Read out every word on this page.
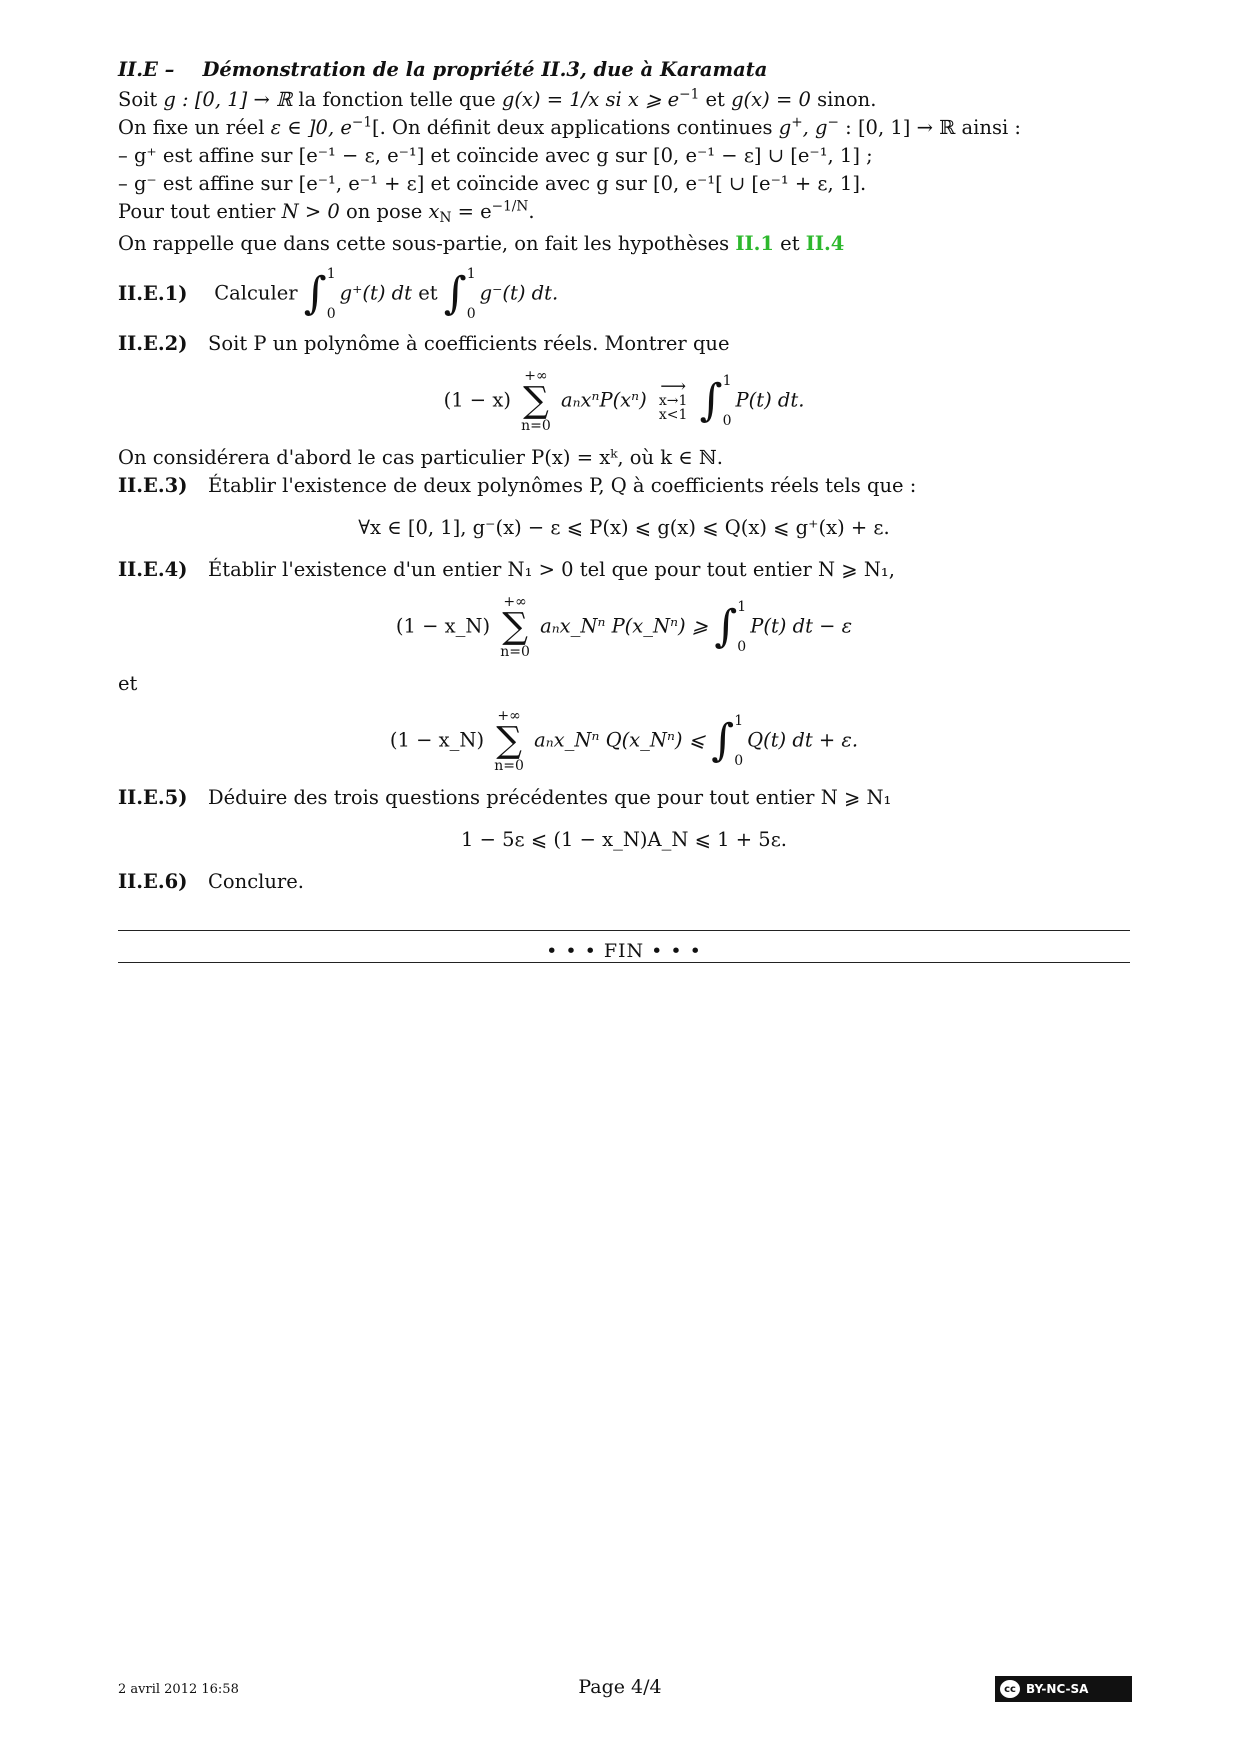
II.E – Démonstration de la propriété II.3, due à Karamata
Soit g : [0, 1] → ℝ la fonction telle que g(x) = 1/x si x ⩾ $e^{-1}$ et g(x) = 0 sinon.
On fixe un réel ε ∈ ]0, $e^{-1}$[. On définit deux applications continues g+, g− : [0, 1] → ℝ ainsi :
– g⁺ est affine sur [e⁻¹ − ε, e⁻¹] et coïncide avec g sur [0, e⁻¹ − ε] ∪ [e⁻¹, 1] ;
– g⁻ est affine sur [e⁻¹, e⁻¹ + ε] et coïncide avec g sur [0, e⁻¹[ ∪ [e⁻¹ + ε, 1].
Pour tout entier N > 0 on pose $x_N = e^{-1/N}$.
On rappelle que dans cette sous-partie, on fait les hypothèses II.1 et II.4
II.E.1) Calculer ∫ 1
0
g⁺(t) dt et ∫ 1
0
g⁻(t) dt.
II.E.2) Soit P un polynôme à coefficients réels. Montrer que
(1 − x)
+∞
∑
n=0
aₙxⁿP(xⁿ)
⟶
x→1
x<1
∫ 1
0
P(t) dt.
On considérera d'abord le cas particulier P(x) = xᵏ, où k ∈ ℕ.
II.E.3) Établir l'existence de deux polynômes P, Q à coefficients réels tels que :
∀x ∈ [0, 1], g⁻(x) − ε ⩽ P(x) ⩽ g(x) ⩽ Q(x) ⩽ g⁺(x) + ε.
II.E.4) Établir l'existence d'un entier N₁ > 0 tel que pour tout entier N ⩾ N₁,
(1 − x_N)
+∞
∑
n=0
aₙx_Nⁿ P(x_Nⁿ) ⩾ ∫ 1
0
P(t) dt − ε
et
(1 − x_N)
+∞
∑
n=0
aₙx_Nⁿ Q(x_Nⁿ) ⩽ ∫ 1
0
Q(t) dt + ε.
II.E.5) Déduire des trois questions précédentes que pour tout entier N ⩾ N₁
1 − 5ε ⩽ (1 − x_N)A_N ⩽ 1 + 5ε.
II.E.6) Conclure.
• • • FIN • • •
2 avril 2012 16:58	Page 4/4	cc BY-NC-SA
